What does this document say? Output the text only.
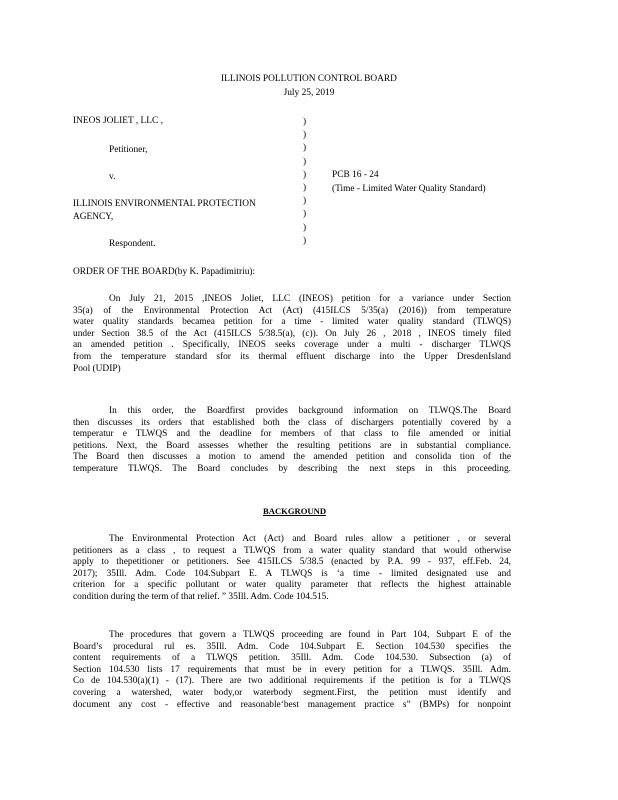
ILLINOIS POLLUTION CONTROL BOARD
July 25, 2019
INEOS JOLIET , LLC ,
Petitioner,
v.
ILLINOIS ENVIRONMENTAL PROTECTION
AGENCY,
Respondent.
)
)
)
)
)
)
)
)
)
)
PCB 16 - 24
(Time - Limited Water Quality Standard)
ORDER OF THE BOARD(by K. Papadimitriu):
On July 21, 2015 ,INEOS Joliet, LLC (INEOS) petition for a variance under Section
35(a) of the Environmental Protection Act (Act) (415ILCS 5/35(a) (2016)) from temperature
water quality standards becamea petition for a time - limited water quality standard (TLWQS)
under Section 38.5 of the Act (415ILCS 5/38.5(a), (c)). On July 26 , 2018 , INEOS timely filed
an amended petition . Specifically, INEOS seeks coverage under a multi - discharger TLWQS
from the temperature standard sfor its thermal effluent discharge into the Upper DresdenIsland
Pool (UDIP)
In this order, the Boardfirst provides background information on TLWQS.The Board
then discusses its orders that established both the class of dischargers potentially covered by a
temperatur e TLWQS and the deadline for members of that class to file amended or initial
petitions. Next, the Board assesses whether the resulting petitions are in substantial compliance.
The Board then discusses a motion to amend the amended petition and consolida tion of the
temperature TLWQS. The Board concludes by describing the next steps in this proceeding.
BACKGROUND
The Environmental Protection Act (Act) and Board rules allow a petitioner , or several
petitioners as a class , to request a TLWQS from a water quality standard that would otherwise
apply to thepetitioner or petitioners. See 415ILCS 5/38.5 (enacted by P.A. 99 - 937, eff.Feb. 24,
2017); 35Ill. Adm. Code 104.Subpart E. A TLWQS is ‘a time - limited designated use and
criterion for a specific pollutant or water quality parameter that reflects the highest attainable
condition during the term of that relief. ” 35Ill. Adm. Code 104.515.
The procedures that govern a TLWQS proceeding are found in Part 104, Subpart E of the
Board’s procedural rul es. 35Ill. Adm. Code 104.Subpart E. Section 104.530 specifies the
content requirements of a TLWQS petition. 35Ill. Adm. Code 104.530. Subsection (a) of
Section 104.530 lists 17 requirements that must be in every petition for a TLWQS. 35Ill. Adm.
Co de 104.530(a)(1) - (17). There are two additional requirements if the petition is for a TLWQS
covering a watershed, water body,or waterbody segment.First, the petition must identify and
document any cost - effective and reasonable‘best management practice s” (BMPs) for nonpoint
